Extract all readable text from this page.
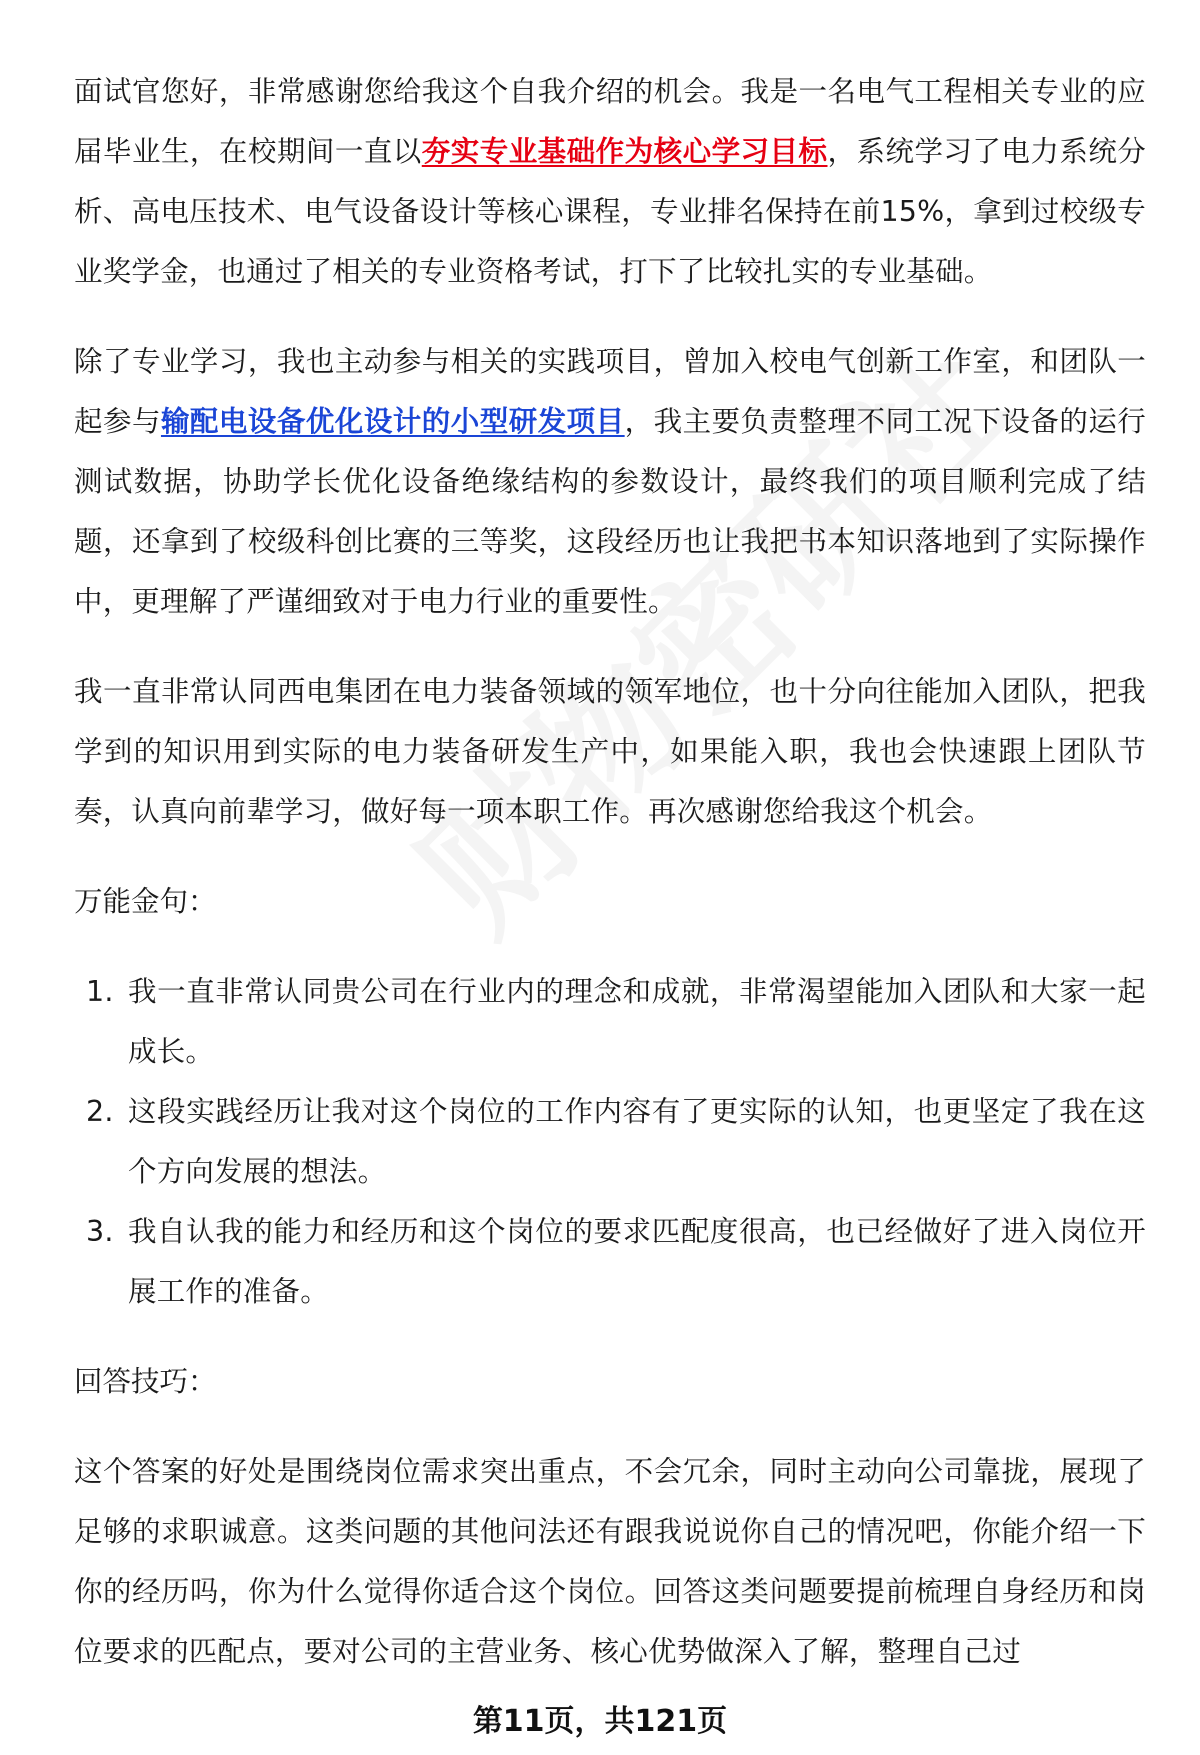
面试官您好，非常感谢您给我这个自我介绍的机会。我是一名电气工程相关专业的应届毕业生，在校期间一直以夯实专业基础作为核心学习目标，系统学习了电力系统分析、高电压技术、电气设备设计等核心课程，专业排名保持在前15%，拿到过校级专业奖学金，也通过了相关的专业资格考试，打下了比较扎实的专业基础。

除了专业学习，我也主动参与相关的实践项目，曾加入校电气创新工作室，和团队一起参与输配电设备优化设计的小型研发项目，我主要负责整理不同工况下设备的运行测试数据，协助学长优化设备绝缘结构的参数设计，最终我们的项目顺利完成了结题，还拿到了校级科创比赛的三等奖，这段经历也让我把书本知识落地到了实际操作中，更理解了严谨细致对于电力行业的重要性。

我一直非常认同西电集团在电力装备领域的领军地位，也十分向往能加入团队，把我学到的知识用到实际的电力装备研发生产中，如果能入职，我也会快速跟上团队节奏，认真向前辈学习，做好每一项本职工作。再次感谢您给我这个机会。

万能金句：
1. 我一直非常认同贵公司在行业内的理念和成就，非常渴望能加入团队和大家一起成长。
2. 这段实践经历让我对这个岗位的工作内容有了更实际的认知，也更坚定了我在这个方向发展的想法。
3. 我自认我的能力和经历和这个岗位的要求匹配度很高，也已经做好了进入岗位开展工作的准备。
回答技巧：

这个答案的好处是围绕岗位需求突出重点，不会冗余，同时主动向公司靠拢，展现了足够的求职诚意。这类问题的其他问法还有跟我说说你自己的情况吧，你能介绍一下你的经历吗，你为什么觉得你适合这个岗位。回答这类问题要提前梳理自身经历和岗位要求的匹配点，要对公司的主营业务、核心优势做深入了解，整理自己过

第11页，共121页
